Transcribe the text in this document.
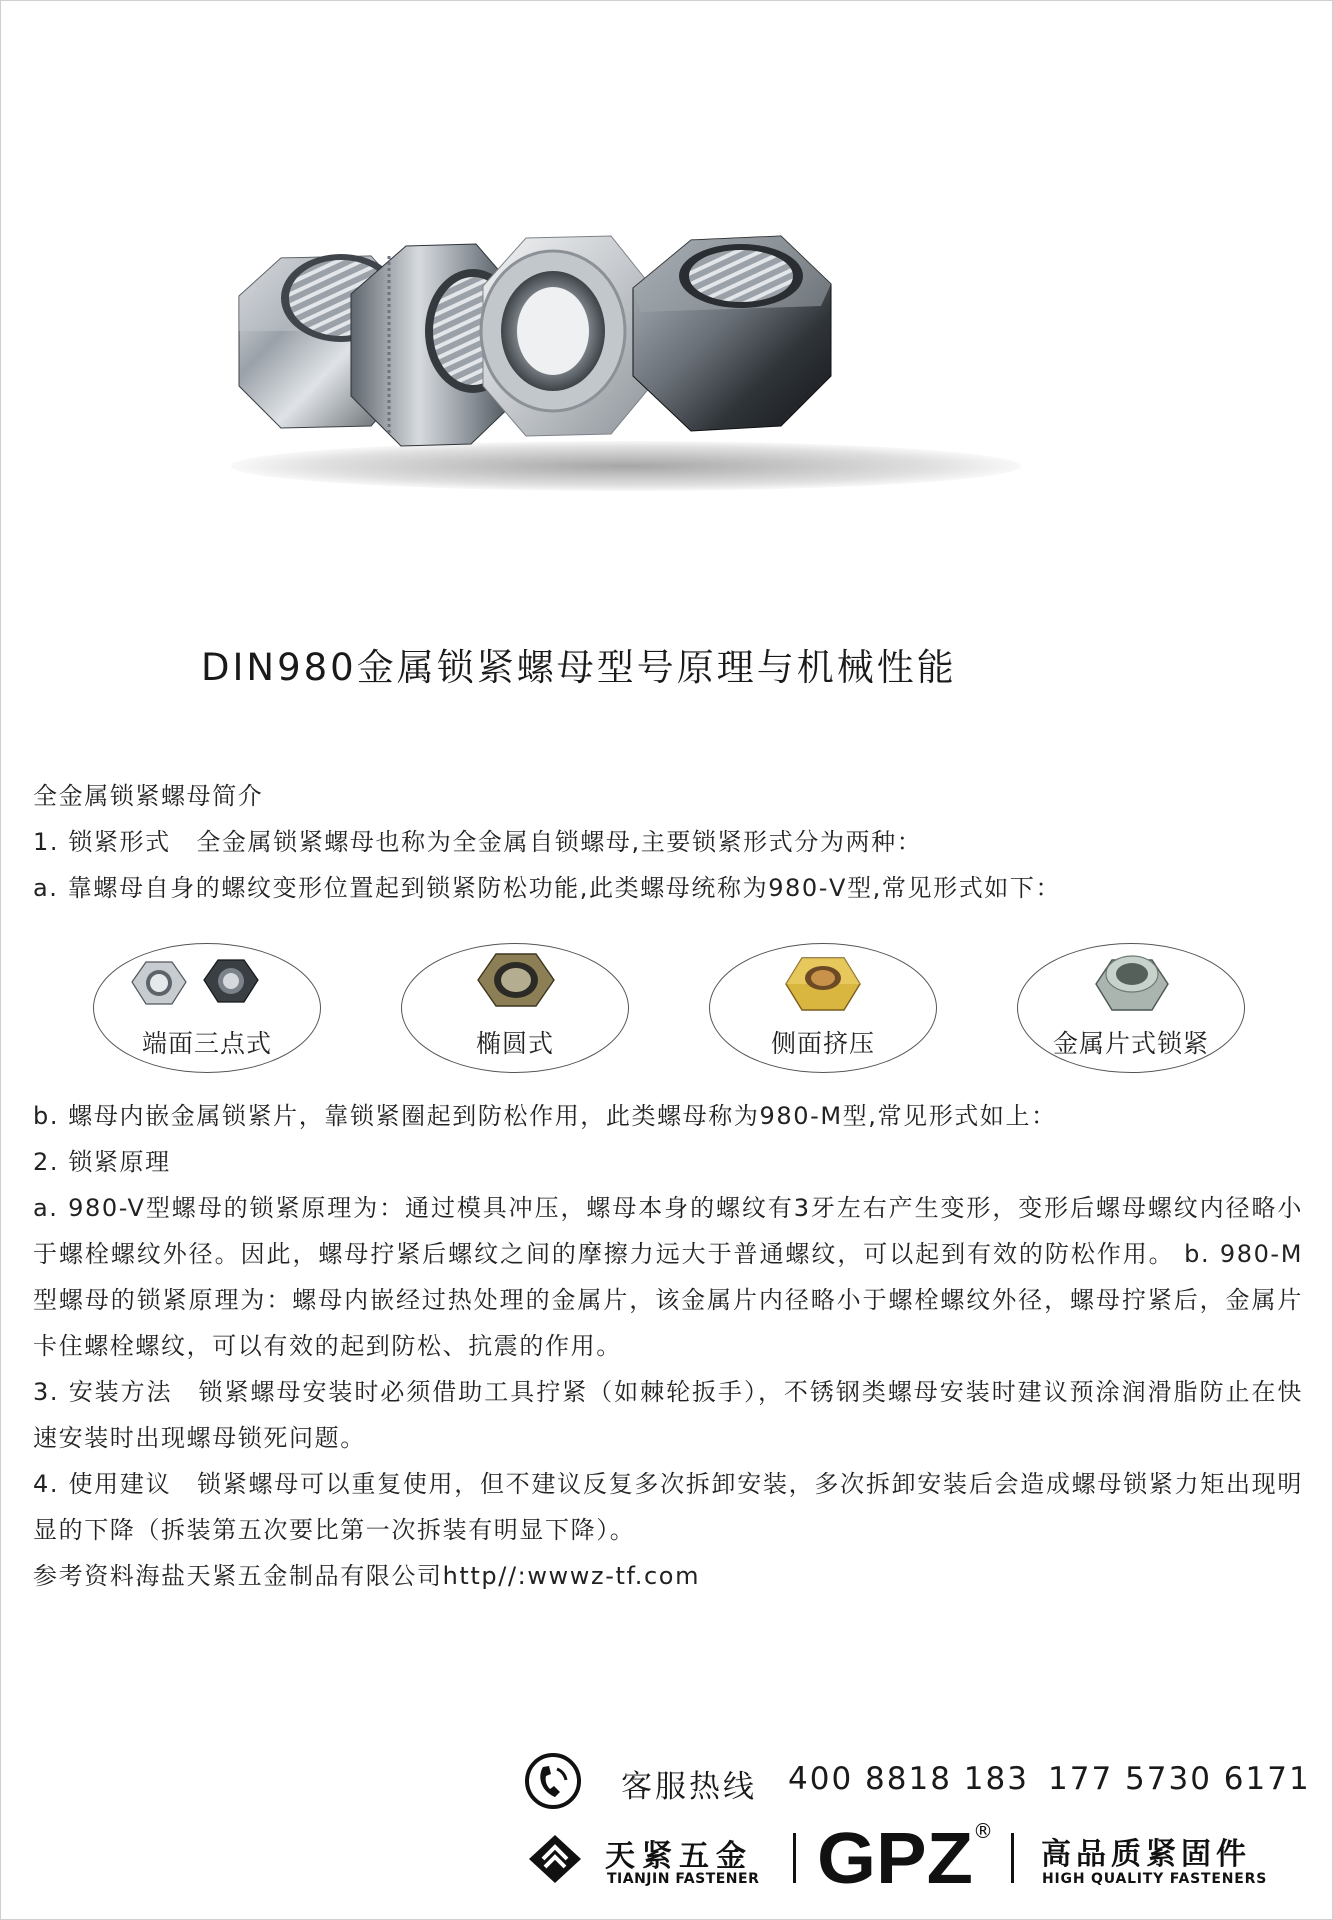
DIN980金属锁紧螺母型号原理与机械性能

全金属锁紧螺母简介

1. 锁紧形式　全金属锁紧螺母也称为全金属自锁螺母,主要锁紧形式分为两种：

a. 靠螺母自身的螺纹变形位置起到锁紧防松功能,此类螺母统称为980-V型,常见形式如下：

端面三点式	椭圆式	侧面挤压	金属片式锁紧

b. 螺母内嵌金属锁紧片，靠锁紧圈起到防松作用，此类螺母称为980-M型,常见形式如上：

2. 锁紧原理

a. 980-V型螺母的锁紧原理为：通过模具冲压，螺母本身的螺纹有3牙左右产生变形，变形后螺母螺纹内径略小于螺栓螺纹外径。因此，螺母拧紧后螺纹之间的摩擦力远大于普通螺纹，可以起到有效的防松作用。 b. 980-M型螺母的锁紧原理为：螺母内嵌经过热处理的金属片，该金属片内径略小于螺栓螺纹外径，螺母拧紧后，金属片卡住螺栓螺纹，可以有效的起到防松、抗震的作用。

3. 安装方法　锁紧螺母安装时必须借助工具拧紧（如棘轮扳手），不锈钢类螺母安装时建议预涂润滑脂防止在快速安装时出现螺母锁死问题。

4. 使用建议　锁紧螺母可以重复使用，但不建议反复多次拆卸安装，多次拆卸安装后会造成螺母锁紧力矩出现明显的下降（拆装第五次要比第一次拆装有明显下降）。

参考资料海盐天紧五金制品有限公司http//:wwwz-tf.com

客服热线 400 8818 183 177 5730 6171
天紧五金
TIANJIN FASTENER GPZ ®
高品质紧固件
HIGH QUALITY FASTENERS
